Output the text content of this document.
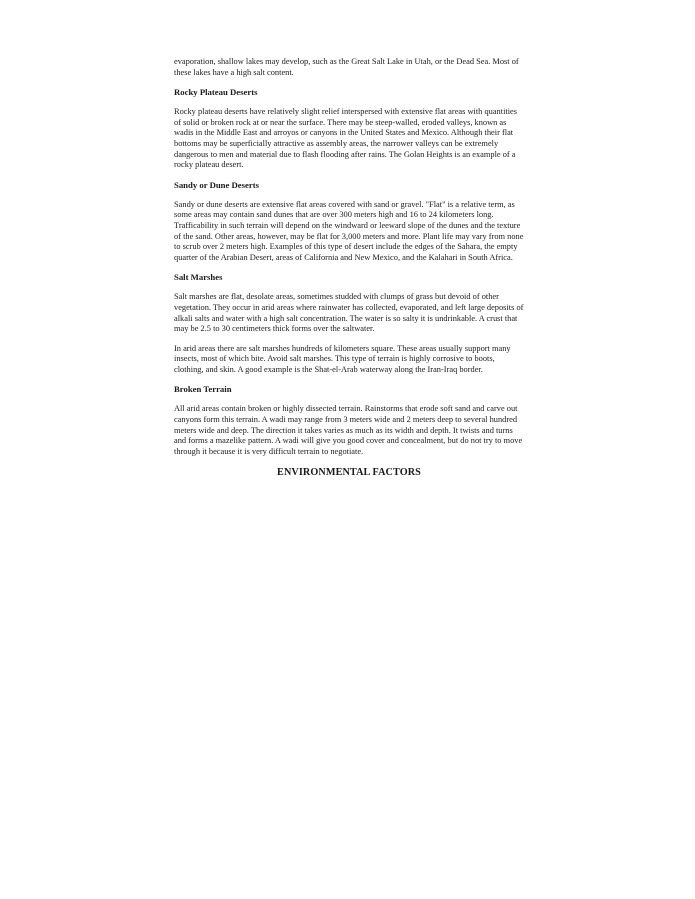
evaporation, shallow lakes may develop, such as the Great Salt Lake in Utah, or the Dead Sea. Most of these lakes have a high salt content.

Rocky Plateau Deserts

Rocky plateau deserts have relatively slight relief interspersed with extensive flat areas with quantities of solid or broken rock at or near the surface. There may be steep-walled, eroded valleys, known as wadis in the Middle East and arroyos or canyons in the United States and Mexico. Although their flat bottoms may be superficially attractive as assembly areas, the narrower valleys can be extremely dangerous to men and material due to flash flooding after rains. The Golan Heights is an example of a rocky plateau desert.

Sandy or Dune Deserts

Sandy or dune deserts are extensive flat areas covered with sand or gravel. "Flat" is a relative term, as some areas may contain sand dunes that are over 300 meters high and 16 to 24 kilometers long. Trafficability in such terrain will depend on the windward or leeward slope of the dunes and the texture of the sand. Other areas, however, may be flat for 3,000 meters and more. Plant life may vary from none to scrub over 2 meters high. Examples of this type of desert include the edges of the Sahara, the empty quarter of the Arabian Desert, areas of California and New Mexico, and the Kalahari in South Africa.

Salt Marshes

Salt marshes are flat, desolate areas, sometimes studded with clumps of grass but devoid of other vegetation. They occur in arid areas where rainwater has collected, evaporated, and left large deposits of alkali salts and water with a high salt concentration. The water is so salty it is undrinkable. A crust that may be 2.5 to 30 centimeters thick forms over the saltwater.

In arid areas there are salt marshes hundreds of kilometers square. These areas usually support many insects, most of which bite. Avoid salt marshes. This type of terrain is highly corrosive to boots, clothing, and skin. A good example is the Shat-el-Arab waterway along the Iran-Iraq border.

Broken Terrain

All arid areas contain broken or highly dissected terrain. Rainstorms that erode soft sand and carve out canyons form this terrain. A wadi may range from 3 meters wide and 2 meters deep to several hundred meters wide and deep. The direction it takes varies as much as its width and depth. It twists and turns and forms a mazelike pattern. A wadi will give you good cover and concealment, but do not try to move through it because it is very difficult terrain to negotiate.

ENVIRONMENTAL FACTORS
